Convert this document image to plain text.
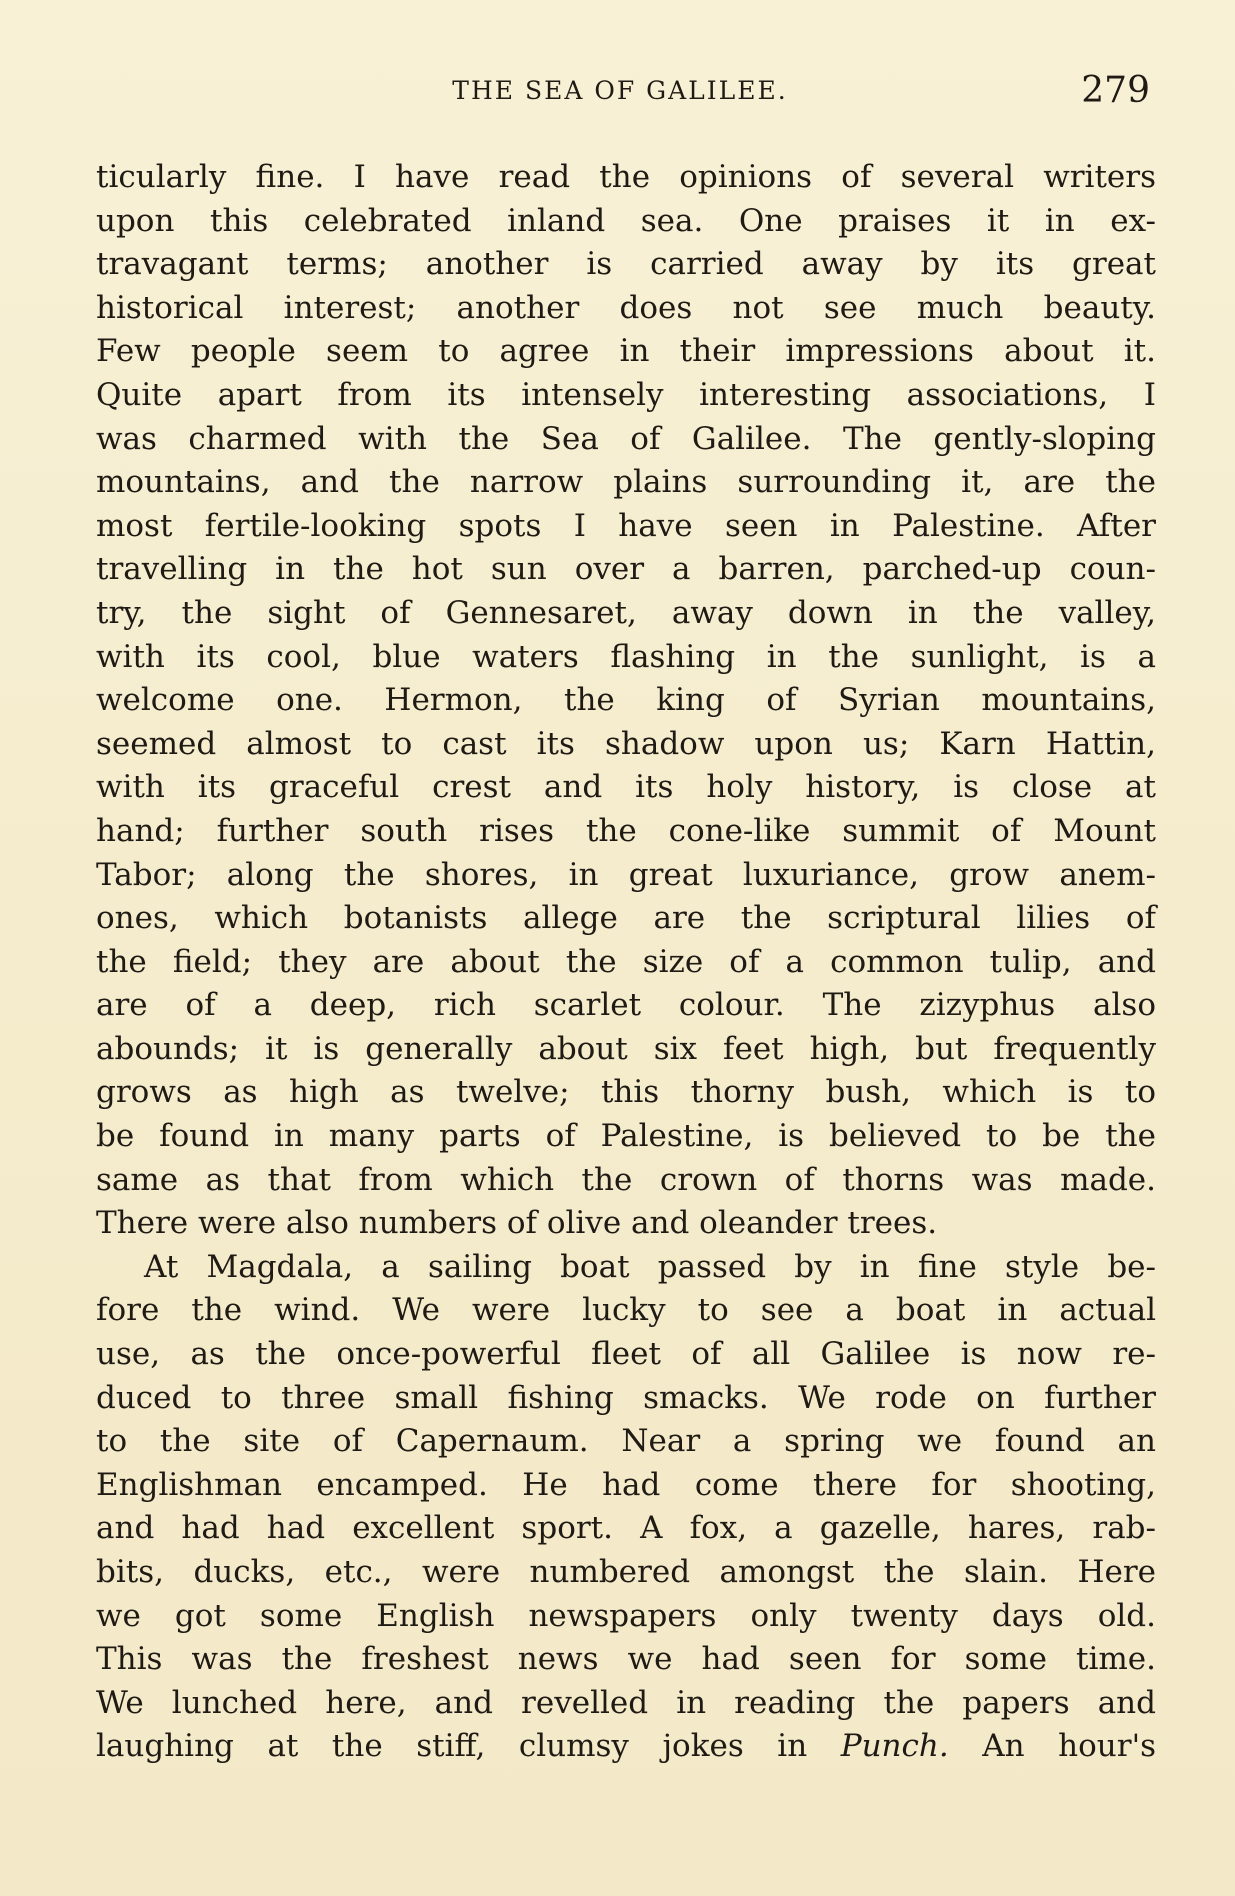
THE SEA OF GALILEE.	279
ticularly fine. I have read the opinions of several writers
upon this celebrated inland sea. One praises it in ex-
travagant terms; another is carried away by its great
historical interest; another does not see much beauty.
Few people seem to agree in their impressions about it.
Quite apart from its intensely interesting associations, I
was charmed with the Sea of Galilee. The gently-sloping
mountains, and the narrow plains surrounding it, are the
most fertile-looking spots I have seen in Palestine. After
travelling in the hot sun over a barren, parched-up coun-
try, the sight of Gennesaret, away down in the valley,
with its cool, blue waters flashing in the sunlight, is a
welcome one. Hermon, the king of Syrian mountains,
seemed almost to cast its shadow upon us; Karn Hattin,
with its graceful crest and its holy history, is close at
hand; further south rises the cone-like summit of Mount
Tabor; along the shores, in great luxuriance, grow anem-
ones, which botanists allege are the scriptural lilies of
the field; they are about the size of a common tulip, and
are of a deep, rich scarlet colour. The zizyphus also
abounds; it is generally about six feet high, but frequently
grows as high as twelve; this thorny bush, which is to
be found in many parts of Palestine, is believed to be the
same as that from which the crown of thorns was made.
There were also numbers of olive and oleander trees.
At Magdala, a sailing boat passed by in fine style be-
fore the wind. We were lucky to see a boat in actual
use, as the once-powerful fleet of all Galilee is now re-
duced to three small fishing smacks. We rode on further
to the site of Capernaum. Near a spring we found an
Englishman encamped. He had come there for shooting,
and had had excellent sport. A fox, a gazelle, hares, rab-
bits, ducks, etc., were numbered amongst the slain. Here
we got some English newspapers only twenty days old.
This was the freshest news we had seen for some time.
We lunched here, and revelled in reading the papers and
laughing at the stiff, clumsy jokes in Punch. An hour's
